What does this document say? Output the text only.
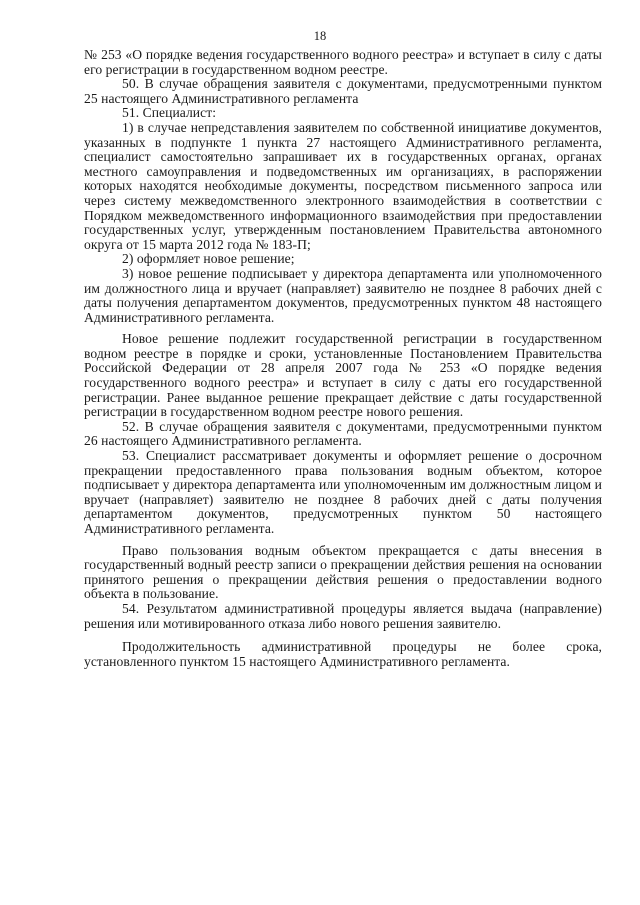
18

№ 253 «О порядке ведения государственного водного реестра» и вступает в силу с даты его регистрации в государственном водном реестре.

50. В случае обращения заявителя с документами, предусмотренными пунктом 25 настоящего Административного регламента

51. Специалист:

1) в случае непредставления заявителем по собственной инициативе документов, указанных в подпункте 1 пункта 27 настоящего Административного регламента, специалист самостоятельно запрашивает их в государственных органах, органах местного самоуправления и подведомственных им организациях, в распоряжении которых находятся необходимые документы, посредством письменного запроса или через систему межведомственного электронного взаимодействия в соответствии с Порядком межведомственного информационного взаимодействия при предоставлении государственных услуг, утвержденным постановлением Правительства автономного округа от 15 марта 2012 года № 183-П;

2) оформляет новое решение;

3) новое решение подписывает у директора департамента или уполномоченного им должностного лица и вручает (направляет) заявителю не позднее 8 рабочих дней с даты получения департаментом документов, предусмотренных пунктом 48 настоящего Административного регламента.

Новое решение подлежит государственной регистрации в государственном водном реестре в порядке и сроки, установленные Постановлением Правительства Российской Федерации от 28 апреля 2007 года № 253 «О порядке ведения государственного водного реестра» и вступает в силу с даты его государственной регистрации. Ранее выданное решение прекращает действие с даты государственной регистрации в государственном водном реестре нового решения.

52. В случае обращения заявителя с документами, предусмотренными пунктом 26 настоящего Административного регламента.

53. Специалист рассматривает документы и оформляет решение о досрочном прекращении предоставленного права пользования водным объектом, которое подписывает у директора департамента или уполномоченным им должностным лицом и вручает (направляет) заявителю не позднее 8 рабочих дней с даты получения департаментом документов, предусмотренных пунктом 50 настоящего Административного регламента.

Право пользования водным объектом прекращается с даты внесения в государственный водный реестр записи о прекращении действия решения на основании принятого решения о прекращении действия решения о предоставлении водного объекта в пользование.

54. Результатом административной процедуры является выдача (направление) решения или мотивированного отказа либо нового решения заявителю.

Продолжительность административной процедуры не более срока, установленного пунктом 15 настоящего Административного регламента.
